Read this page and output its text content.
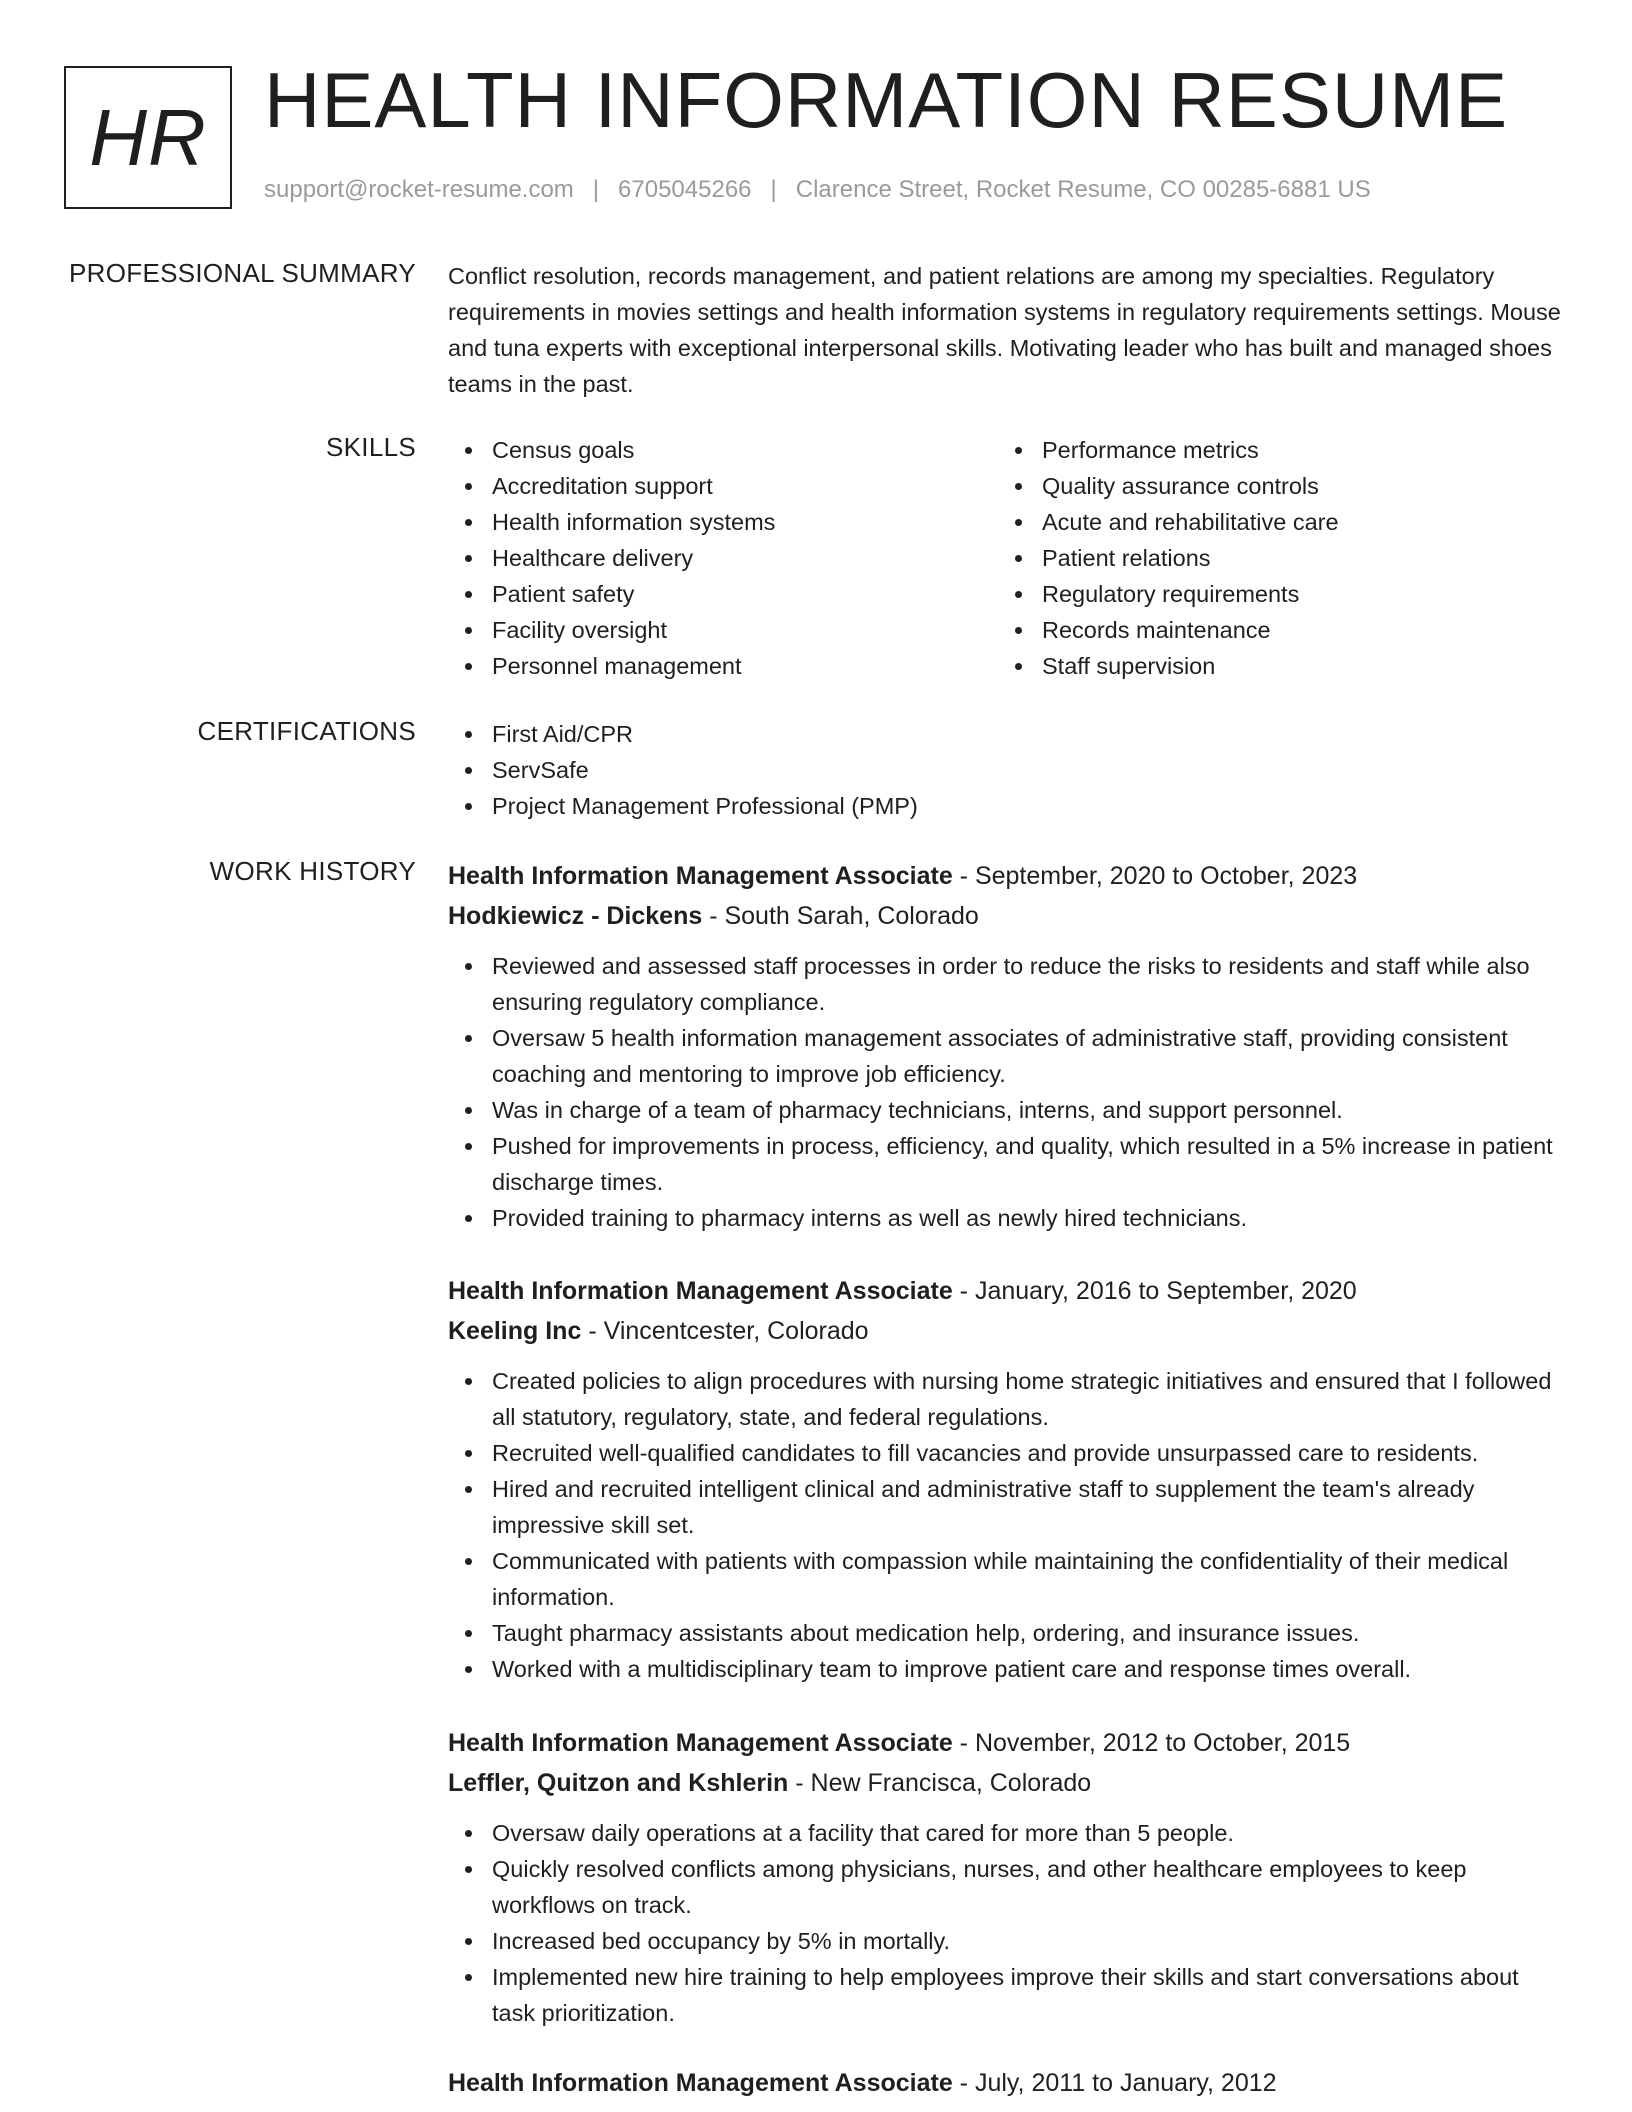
HR HEALTH INFORMATION RESUME
support@rocket-resume.com | 6705045266 | Clarence Street, Rocket Resume, CO 00285-6881 US
PROFESSIONAL SUMMARY Conflict resolution, records management, and patient relations are among my specialties. Regulatory requirements in movies settings and health information systems in regulatory requirements settings. Mouse and tuna experts with exceptional interpersonal skills. Motivating leader who has built and managed shoes teams in the past.
SKILLS	Census goals
Accreditation support
Health information systems
Healthcare delivery
Patient safety
Facility oversight
Personnel management
Performance metrics
Quality assurance controls
Acute and rehabilitative care
Patient relations
Regulatory requirements
Records maintenance
Staff supervision
CERTIFICATIONS	First Aid/CPR
ServSafe
Project Management Professional (PMP)
WORK HISTORY Health Information Management Associate - September, 2020 to October, 2023
Hodkiewicz - Dickens - South Sarah, Colorado
Reviewed and assessed staff processes in order to reduce the risks to residents and staff while also ensuring regulatory compliance.
Oversaw 5 health information management associates of administrative staff, providing consistent coaching and mentoring to improve job efficiency.
Was in charge of a team of pharmacy technicians, interns, and support personnel.
Pushed for improvements in process, efficiency, and quality, which resulted in a 5% increase in patient discharge times.
Provided training to pharmacy interns as well as newly hired technicians.
Health Information Management Associate - January, 2016 to September, 2020
Keeling Inc - Vincentcester, Colorado
Created policies to align procedures with nursing home strategic initiatives and ensured that I followed all statutory, regulatory, state, and federal regulations.
Recruited well-qualified candidates to fill vacancies and provide unsurpassed care to residents.
Hired and recruited intelligent clinical and administrative staff to supplement the team's already impressive skill set.
Communicated with patients with compassion while maintaining the confidentiality of their medical information.
Taught pharmacy assistants about medication help, ordering, and insurance issues.
Worked with a multidisciplinary team to improve patient care and response times overall.
Health Information Management Associate - November, 2012 to October, 2015
Leffler, Quitzon and Kshlerin - New Francisca, Colorado
Oversaw daily operations at a facility that cared for more than 5 people.
Quickly resolved conflicts among physicians, nurses, and other healthcare employees to keep workflows on track.
Increased bed occupancy by 5% in mortally.
Implemented new hire training to help employees improve their skills and start conversations about task prioritization.
Health Information Management Associate - July, 2011 to January, 2012
